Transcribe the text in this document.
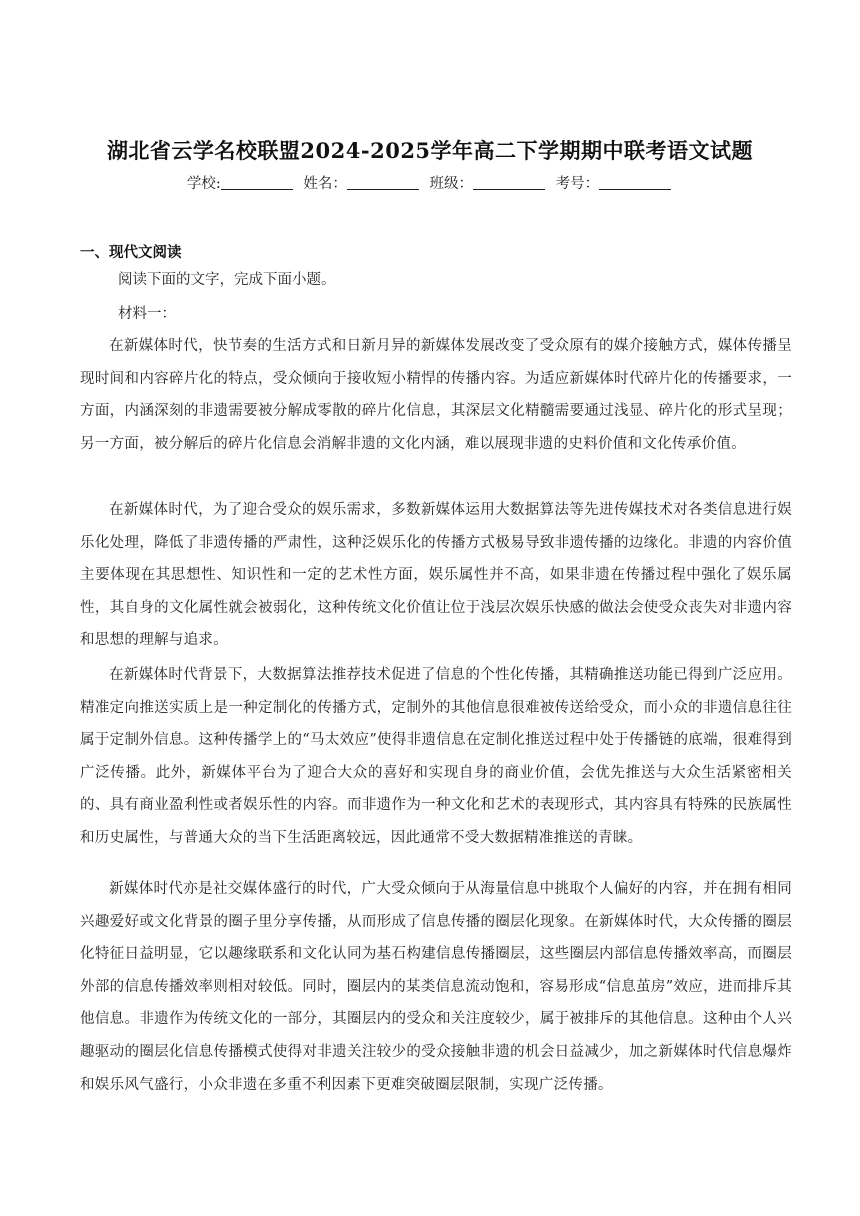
湖北省云学名校联盟2024-2025学年高二下学期期中联考语文试题
学校:	姓名：	班级：	考号：
一、现代文阅读
阅读下面的文字，完成下面小题。
材料一：

在新媒体时代，快节奏的生活方式和日新月异的新媒体发展改变了受众原有的媒介接触方式，媒体传播呈现时间和内容碎片化的特点，受众倾向于接收短小精悍的传播内容。为适应新媒体时代碎片化的传播要求，一方面，内涵深刻的非遗需要被分解成零散的碎片化信息，其深层文化精髓需要通过浅显、碎片化的形式呈现；另一方面，被分解后的碎片化信息会消解非遗的文化内涵，难以展现非遗的史料价值和文化传承价值。

在新媒体时代，为了迎合受众的娱乐需求，多数新媒体运用大数据算法等先进传媒技术对各类信息进行娱乐化处理，降低了非遗传播的严肃性，这种泛娱乐化的传播方式极易导致非遗传播的边缘化。非遗的内容价值主要体现在其思想性、知识性和一定的艺术性方面，娱乐属性并不高，如果非遗在传播过程中强化了娱乐属性，其自身的文化属性就会被弱化，这种传统文化价值让位于浅层次娱乐快感的做法会使受众丧失对非遗内容和思想的理解与追求。

在新媒体时代背景下，大数据算法推荐技术促进了信息的个性化传播，其精确推送功能已得到广泛应用。精准定向推送实质上是一种定制化的传播方式，定制外的其他信息很难被传送给受众，而小众的非遗信息往往属于定制外信息。这种传播学上的“马太效应”使得非遗信息在定制化推送过程中处于传播链的底端，很难得到广泛传播。此外，新媒体平台为了迎合大众的喜好和实现自身的商业价值，会优先推送与大众生活紧密相关的、具有商业盈利性或者娱乐性的内容。而非遗作为一种文化和艺术的表现形式，其内容具有特殊的民族属性和历史属性，与普通大众的当下生活距离较远，因此通常不受大数据精准推送的青睐。

新媒体时代亦是社交媒体盛行的时代，广大受众倾向于从海量信息中挑取个人偏好的内容，并在拥有相同兴趣爱好或文化背景的圈子里分享传播，从而形成了信息传播的圈层化现象。在新媒体时代，大众传播的圈层化特征日益明显，它以趣缘联系和文化认同为基石构建信息传播圈层，这些圈层内部信息传播效率高，而圈层外部的信息传播效率则相对较低。同时，圈层内的某类信息流动饱和，容易形成“信息茧房”效应，进而排斥其他信息。非遗作为传统文化的一部分，其圈层内的受众和关注度较少，属于被排斥的其他信息。这种由个人兴趣驱动的圈层化信息传播模式使得对非遗关注较少的受众接触非遗的机会日益减少，加之新媒体时代信息爆炸和娱乐风气盛行，小众非遗在多重不利因素下更难突破圈层限制，实现广泛传播。
